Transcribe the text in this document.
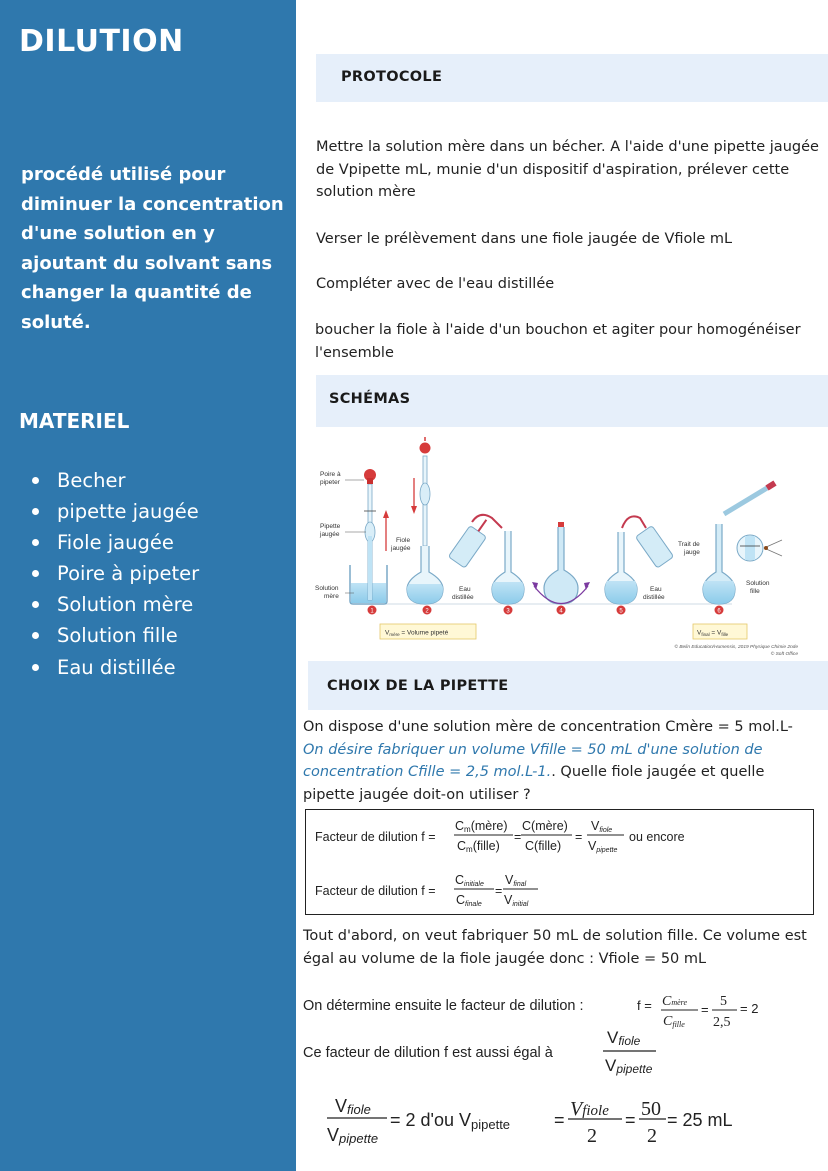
DILUTION
procédé utilisé pour diminuer la concentration d'une solution en y ajoutant du solvant sans changer la quantité de soluté.
MATERIEL
Becher
pipette jaugée
Fiole jaugée
Poire à pipeter
Solution mère
Solution fille
Eau distillée
PROTOCOLE
Mettre la solution mère dans un bécher. A l'aide d'une pipette jaugée de Vpipette mL, munie d'un dispositif d'aspiration, prélever cette solution mère
Verser le prélèvement dans une fiole jaugée de Vfiole mL
Compléter avec de l'eau distillée
boucher la fiole à l'aide d'un bouchon et agiter pour homogénéiser l'ensemble
SCHÉMAS
1
Poire à pipeter
Pipette jaugée
Solution mère
2
Fiole jaugée
3
Eau distillée
4	5
Eau distillée
6
Trait de jauge
Solution fille
$V_{mère}$ = Volume pipeté	$V_{final} = V_{fille}$
© Belin Education/Humensis, 2019 Physique Chimie 2nde
© Soft Office
CHOIX DE LA PIPETTE
On dispose d'une solution mère de concentration Cmère = 5 mol.L- On désire fabriquer un volume Vfille = 50 mL d'une solution de concentration Cfille = 2,5 mol.L-1.. Quelle fiole jaugée et quelle pipette jaugée doit-on utiliser ?
Facteur de dilution f =
Cm(mère)
Cm(fille)
=
C(mère)
C(fille)
=
Vfiole
Vpipette
ou encore
Facteur de dilution f =
Cinitiale
Cfinale
=
Vfinal
Vinitial
Tout d'abord, on veut fabriquer 50 mL de solution fille. Ce volume est égal au volume de la fiole jaugée donc : Vfiole = 50 mL
On détermine ensuite le facteur de dilution :	f = Cmère
Cfille
=
5
2,5
= 2
Ce facteur de dilution f est aussi égal à
Vfiole
Vpipette
Vfiole
Vpipette
= 2 d'ou Vpipette = Vfiole
2
= 50
2
= 25 mL
